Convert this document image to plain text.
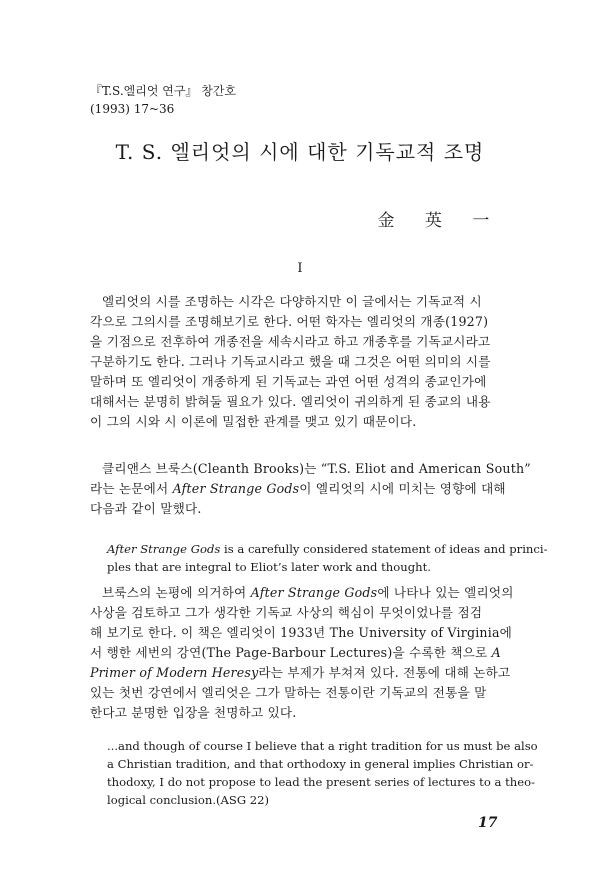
『T.S.엘리엇 연구』 창간호
(1993) 17~36
T. S. 엘리엇의 시에 대한 기독교적 조명
金 英 一
I
엘리엇의 시를 조명하는 시각은 다양하지만 이 글에서는 기독교적 시
각으로 그의시를 조명해보기로 한다. 어떤 학자는 엘리엇의 개종(1927)
을 기점으로 전후하여 개종전을 세속시라고 하고 개종후를 기독교시라고
구분하기도 한다. 그러나 기독교시라고 했을 때 그것은 어떤 의미의 시를
말하며 또 엘리엇이 개종하게 된 기독교는 과연 어떤 성격의 종교인가에
대해서는 분명히 밝혀둘 필요가 있다. 엘리엇이 귀의하게 된 종교의 내용
이 그의 시와 시 이론에 밀접한 관계를 맺고 있기 때문이다.
클리앤스 브룩스(Cleanth Brooks)는 “T.S. Eliot and American South”
라는 논문에서 After Strange Gods이 엘리엇의 시에 미치는 영향에 대해
다음과 같이 말했다.
After Strange Gods is a carefully considered statement of ideas and princi-
ples that are integral to Eliot’s later work and thought.
브룩스의 논평에 의거하여 After Strange Gods에 나타나 있는 엘리엇의
사상을 검토하고 그가 생각한 기독교 사상의 핵심이 무엇이었나를 점검
해 보기로 한다. 이 책은 엘리엇이 1933년 The University of Virginia에
서 행한 세번의 강연(The Page-Barbour Lectures)을 수록한 책으로 A
Primer of Modern Heresy라는 부제가 부쳐져 있다. 전통에 대해 논하고
있는 첫번 강연에서 엘리엇은 그가 말하는 전통이란 기독교의 전통을 말
한다고 분명한 입장을 천명하고 있다.
...and though of course I believe that a right tradition for us must be also
a Christian tradition, and that orthodoxy in general implies Christian or-
thodoxy, I do not propose to lead the present series of lectures to a theo-
logical conclusion.(ASG 22)
17
